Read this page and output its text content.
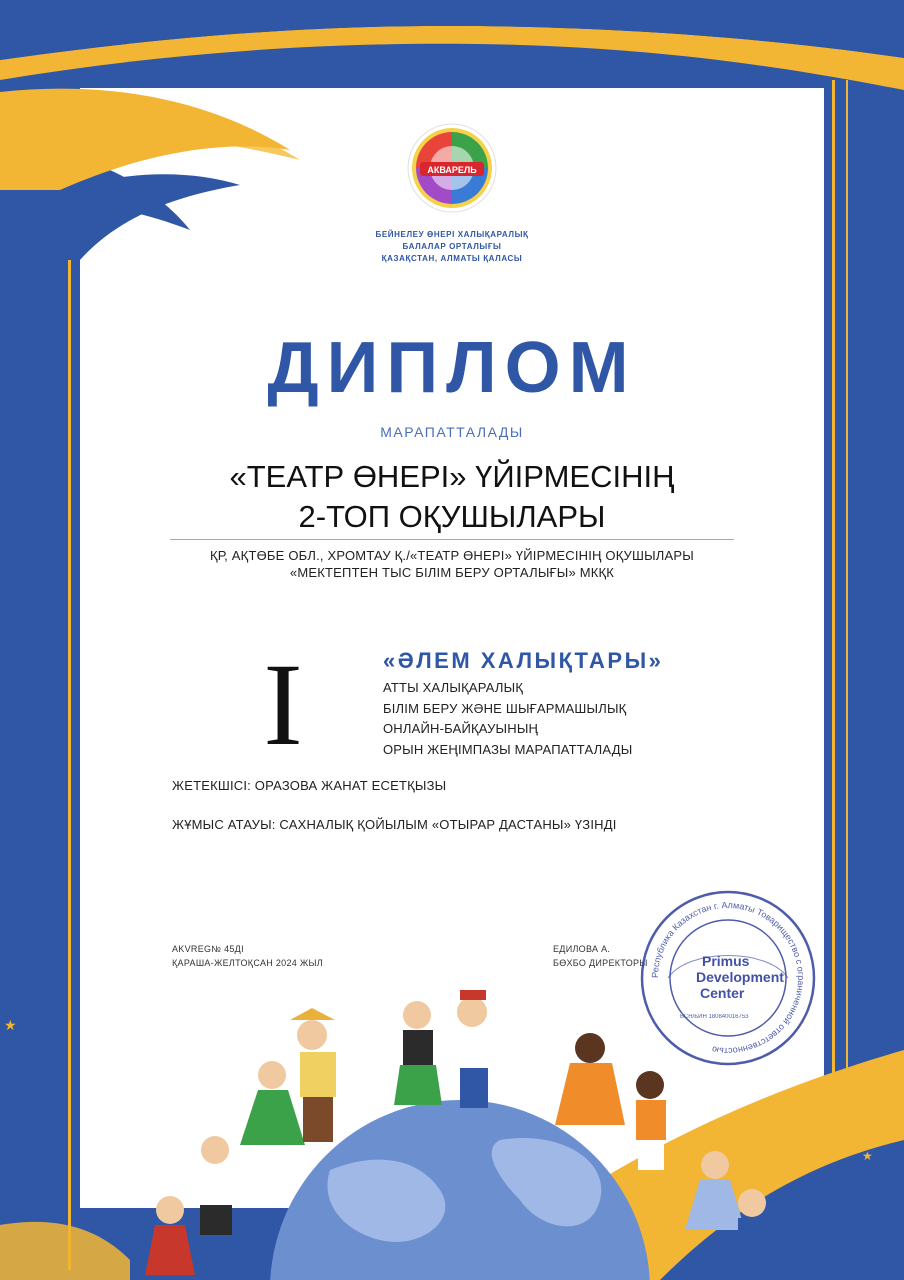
★
★
АКВАРЕЛЬ
БЕЙНЕЛЕУ ӨНЕРІ ХАЛЫҚАРАЛЫҚ
БАЛАЛАР ОРТАЛЫҒЫ
ҚАЗАҚСТАН, АЛМАТЫ ҚАЛАСЫ
ДИПЛОМ
МАРАПАТТАЛАДЫ
«ТЕАТР ӨНЕРІ» ҮЙІРМЕСІНІҢ
2-ТОП ОҚУШЫЛАРЫ
ҚР, АҚТӨБЕ ОБЛ., ХРОМТАУ Қ./«ТЕАТР ӨНЕРІ» ҮЙІРМЕСІНІҢ ОҚУШЫЛАРЫ
«МЕКТЕПТЕН ТЫС БІЛІМ БЕРУ ОРТАЛЫҒЫ» МКҚК
I	«ӘЛЕМ ХАЛЫҚТАРЫ»
АТТЫ ХАЛЫҚАРАЛЫҚ
БІЛІМ БЕРУ ЖӘНЕ ШЫҒАРМАШЫЛЫҚ
ОНЛАЙН-БАЙҚАУЫНЫҢ
ОРЫН ЖЕҢІМПАЗЫ МАРАПАТТАЛАДЫ
ЖЕТЕКШІСІ: ОРАЗОВА ЖАНАТ ЕСЕТҚЫЗЫ
ЖҰМЫС АТАУЫ: САХНАЛЫҚ ҚОЙЫЛЫМ «ОТЫРАР ДАСТАНЫ» ҮЗІНДІ
AKVREG№ 45ДІ
ҚАРАША-ЖЕЛТОҚСАН 2024 ЖЫЛ
ЕДИЛОВА А.
БӨХБО ДИРЕКТОРЫ
Республика Казахстан г. Алматы Товарищество с ограниченной ответственностью
Primus
Development
Center
БСН/БИН 180840016753
